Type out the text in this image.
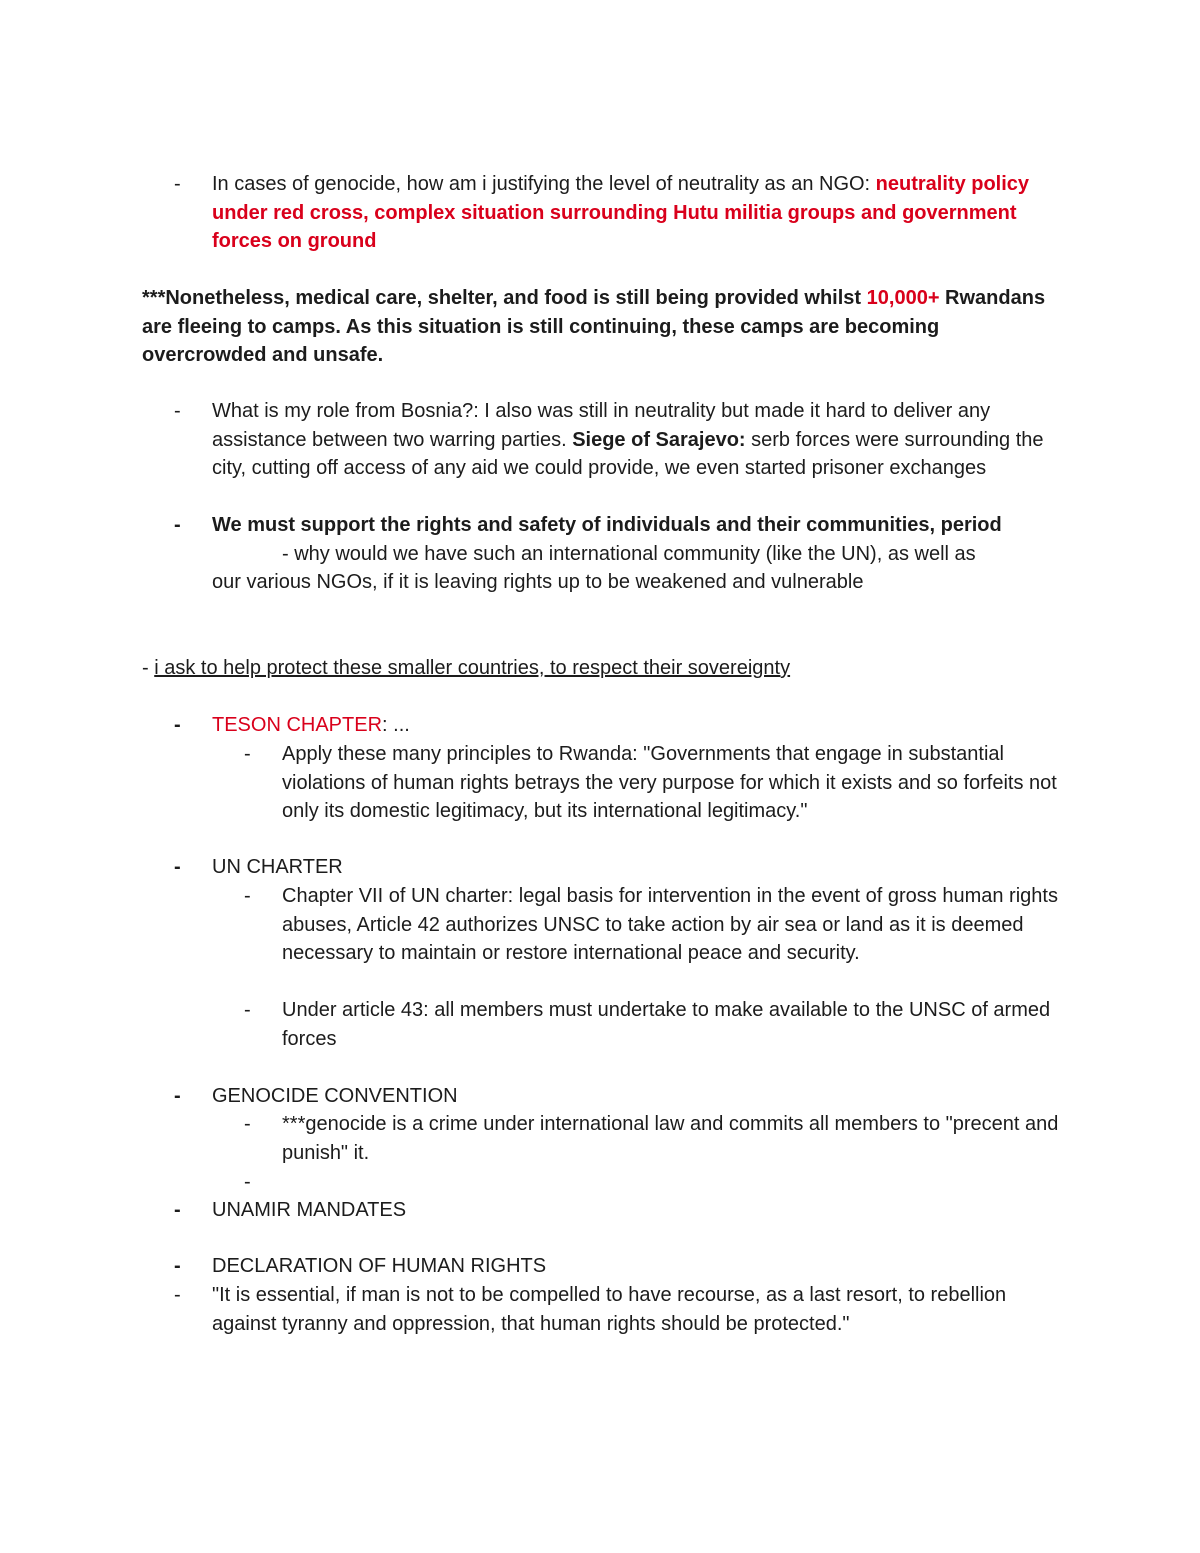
-	In cases of genocide, how am i justifying the level of neutrality as an NGO: neutrality policy under red cross, complex situation surrounding Hutu militia groups and government forces on ground

***Nonetheless, medical care, shelter, and food is still being provided whilst 10,000+ Rwandans are fleeing to camps. As this situation is still continuing, these camps are becoming overcrowded and unsafe.

-	What is my role from Bosnia?: I also was still in neutrality but made it hard to deliver any assistance between two warring parties. Siege of Sarajevo: serb forces were surrounding the city, cutting off access of any aid we could provide, we even started prisoner exchanges
-	We must support the rights and safety of individuals and their communities, period
- why would we have such an international community (like the UN), as well as
our various NGOs, if it is leaving rights up to be weakened and vulnerable

- i ask to help protect these smaller countries, to respect their sovereignty

-	TESON CHAPTER: ...
-	Apply these many principles to Rwanda: "Governments that engage in substantial violations of human rights betrays the very purpose for which it exists and so forfeits not only its domestic legitimacy, but its international legitimacy."
-	UN CHARTER
-	Chapter VII of UN charter: legal basis for intervention in the event of gross human rights abuses, Article 42 authorizes UNSC to take action by air sea or land as it is deemed necessary to maintain or restore international peace and security.
-	Under article 43: all members must undertake to make available to the UNSC of armed forces
-	GENOCIDE CONVENTION
-	***genocide is a crime under international law and commits all members to "precent and punish" it.
-
-	UNAMIR MANDATES
-	DECLARATION OF HUMAN RIGHTS
-	"It is essential, if man is not to be compelled to have recourse, as a last resort, to rebellion against tyranny and oppression, that human rights should be protected."
